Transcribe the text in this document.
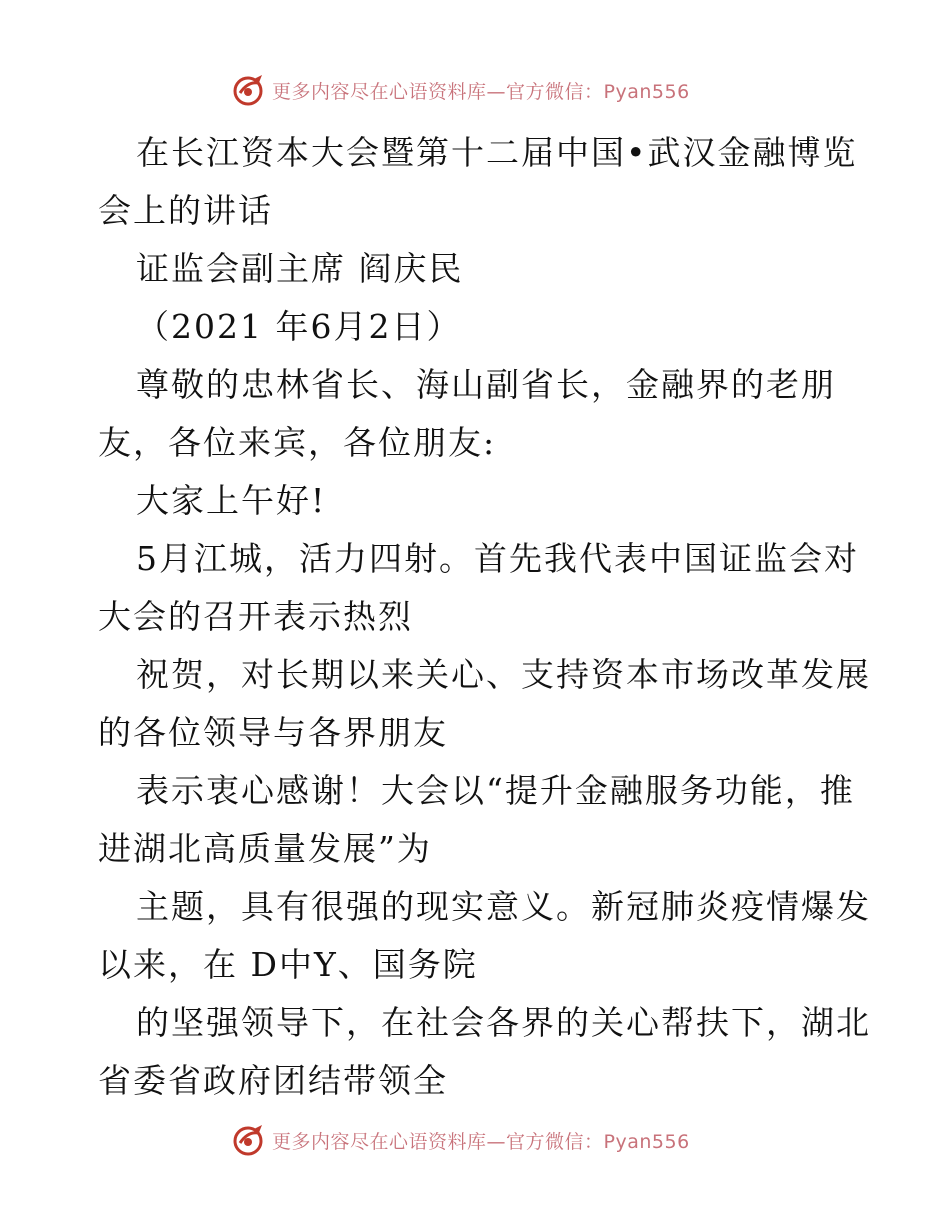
更多内容尽在心语资料库—官方微信：Pyan556

在长江资本大会暨第十二届中国•武汉金融博览
会上的讲话

证监会副主席 阎庆民

（2021 年6月2日）

尊敬的忠林省长、海山副省长，金融界的老朋
友，各位来宾，各位朋友:

大家上午好!

5月江城，活力四射。首先我代表中国证监会对
大会的召开表示热烈

祝贺，对长期以来关心、支持资本市场改革发展
的各位领导与各界朋友

表示衷心感谢！大会以“提升金融服务功能，推
进湖北高质量发展”为

主题，具有很强的现实意义。新冠肺炎疫情爆发
以来，在 D中Y、国务院

的坚强领导下，在社会各界的关心帮扶下，湖北
省委省政府团结带领全

更多内容尽在心语资料库—官方微信：Pyan556
